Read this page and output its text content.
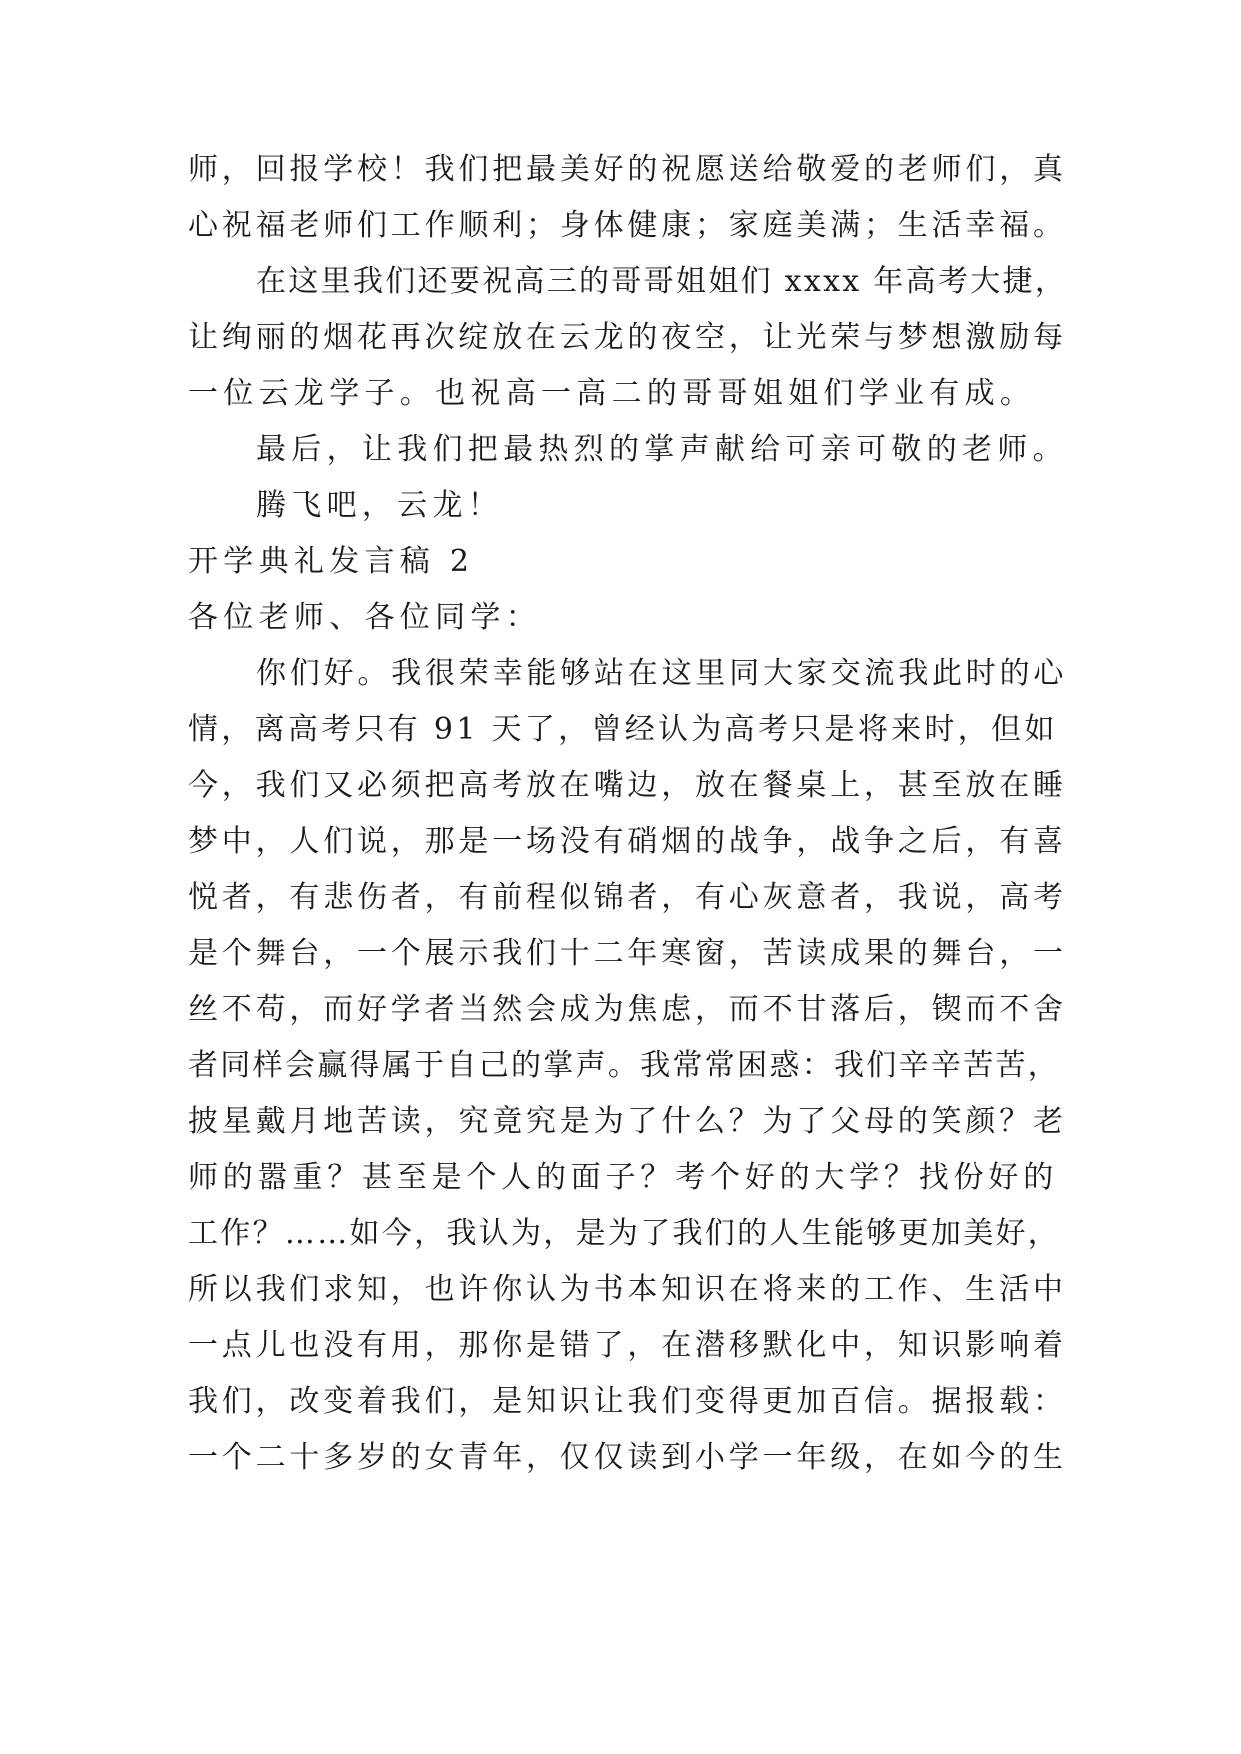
师，回报学校！我们把最美好的祝愿送给敬爱的老师们，真
心祝福老师们工作顺利；身体健康；家庭美满；生活幸福。
在这里我们还要祝高三的哥哥姐姐们 xxxx 年高考大捷，
让绚丽的烟花再次绽放在云龙的夜空，让光荣与梦想激励每
一位云龙学子。也祝高一高二的哥哥姐姐们学业有成。
最后，让我们把最热烈的掌声献给可亲可敬的老师。
腾飞吧，云龙！
开学典礼发言稿 2
各位老师、各位同学：
你们好。我很荣幸能够站在这里同大家交流我此时的心
情，离高考只有 91 天了，曾经认为高考只是将来时，但如
今，我们又必须把高考放在嘴边，放在餐桌上，甚至放在睡
梦中，人们说，那是一场没有硝烟的战争，战争之后，有喜
悦者，有悲伤者，有前程似锦者，有心灰意者，我说，高考
是个舞台，一个展示我们十二年寒窗，苦读成果的舞台，一
丝不苟，而好学者当然会成为焦虑，而不甘落后，锲而不舍
者同样会赢得属于自己的掌声。我常常困惑：我们辛辛苦苦，
披星戴月地苦读，究竟究是为了什么？为了父母的笑颜？老
师的嚣重？甚至是个人的面子？考个好的大学？找份好的
工作？……如今，我认为，是为了我们的人生能够更加美好，
所以我们求知，也许你认为书本知识在将来的工作、生活中
一点儿也没有用，那你是错了，在潜移默化中，知识影响着
我们，改变着我们，是知识让我们变得更加百信。据报载：
一个二十多岁的女青年，仅仅读到小学一年级，在如今的生
